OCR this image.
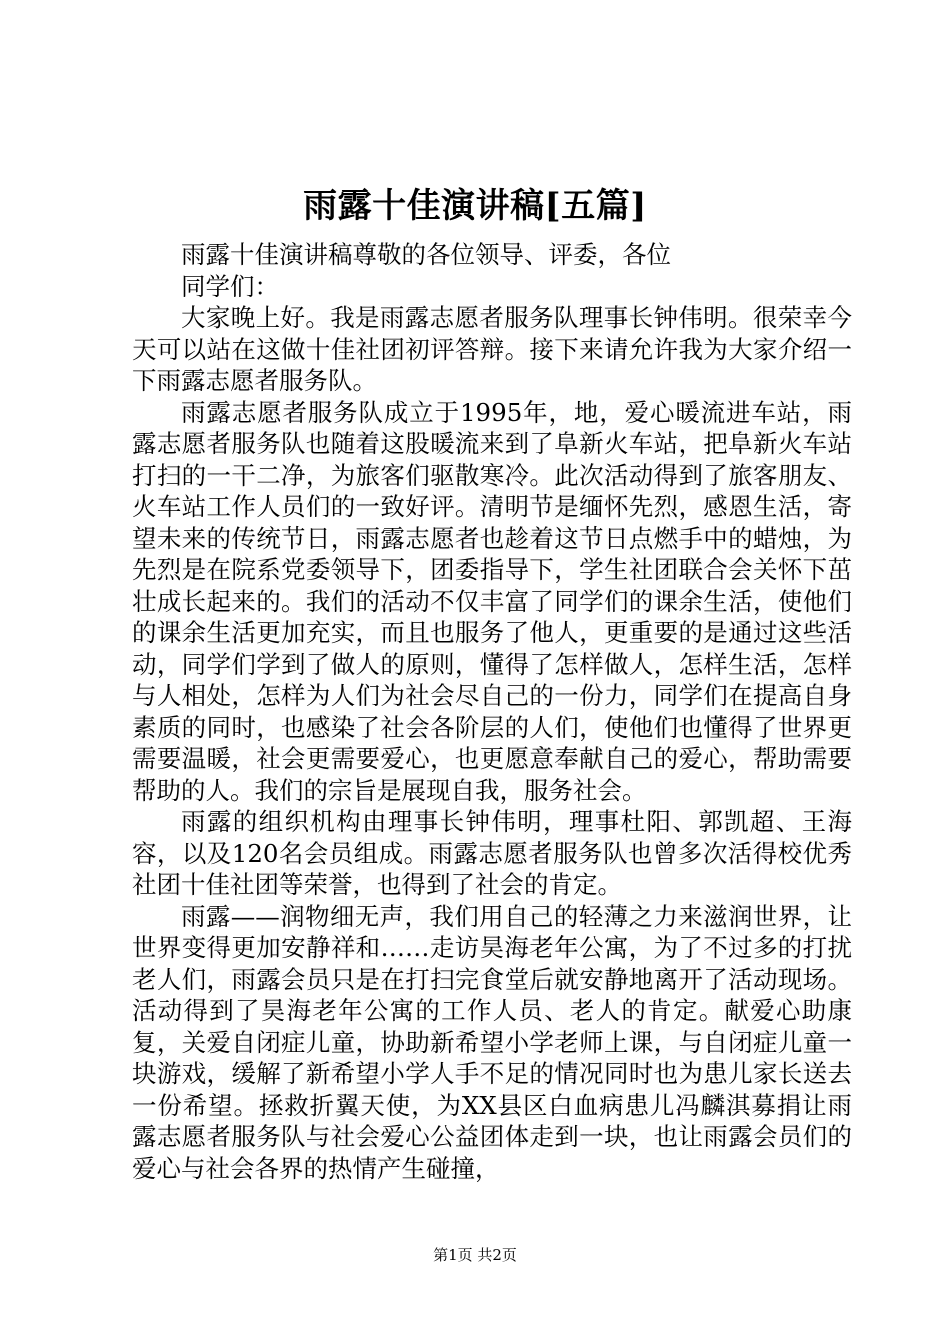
雨露十佳演讲稿[五篇]
雨露十佳演讲稿尊敬的各位领导、评委，各位
同学们：

大家晚上好。我是雨露志愿者服务队理事长钟伟明。很荣幸今天可以站在这做十佳社团初评答辩。接下来请允许我为大家介绍一下雨露志愿者服务队。

雨露志愿者服务队成立于1995年，地，爱心暖流进车站，雨露志愿者服务队也随着这股暖流来到了阜新火车站，把阜新火车站打扫的一干二净，为旅客们驱散寒冷。此次活动得到了旅客朋友、火车站工作人员们的一致好评。清明节是缅怀先烈，感恩生活，寄望未来的传统节日，雨露志愿者也趁着这节日点燃手中的蜡烛，为先烈是在院系党委领导下，团委指导下，学生社团联合会关怀下茁壮成长起来的。我们的活动不仅丰富了同学们的课余生活，使他们的课余生活更加充实，而且也服务了他人，更重要的是通过这些活动，同学们学到了做人的原则，懂得了怎样做人，怎样生活，怎样与人相处，怎样为人们为社会尽自己的一份力，同学们在提高自身素质的同时，也感染了社会各阶层的人们，使他们也懂得了世界更需要温暖，社会更需要爱心，也更愿意奉献自己的爱心，帮助需要帮助的人。我们的宗旨是展现自我，服务社会。

雨露的组织机构由理事长钟伟明，理事杜阳、郭凯超、王海容，以及120名会员组成。雨露志愿者服务队也曾多次活得校优秀社团十佳社团等荣誉，也得到了社会的肯定。

雨露——润物细无声，我们用自己的轻薄之力来滋润世界，让世界变得更加安静祥和……走访昊海老年公寓，为了不过多的打扰老人们，雨露会员只是在打扫完食堂后就安静地离开了活动现场。活动得到了昊海老年公寓的工作人员、老人的肯定。献爱心助康复，关爱自闭症儿童，协助新希望小学老师上课，与自闭症儿童一块游戏，缓解了新希望小学人手不足的情况同时也为患儿家长送去一份希望。拯救折翼天使，为XX县区白血病患儿冯麟淇募捐让雨露志愿者服务队与社会爱心公益团体走到一块，也让雨露会员们的爱心与社会各界的热情产生碰撞，

第1页 共2页
